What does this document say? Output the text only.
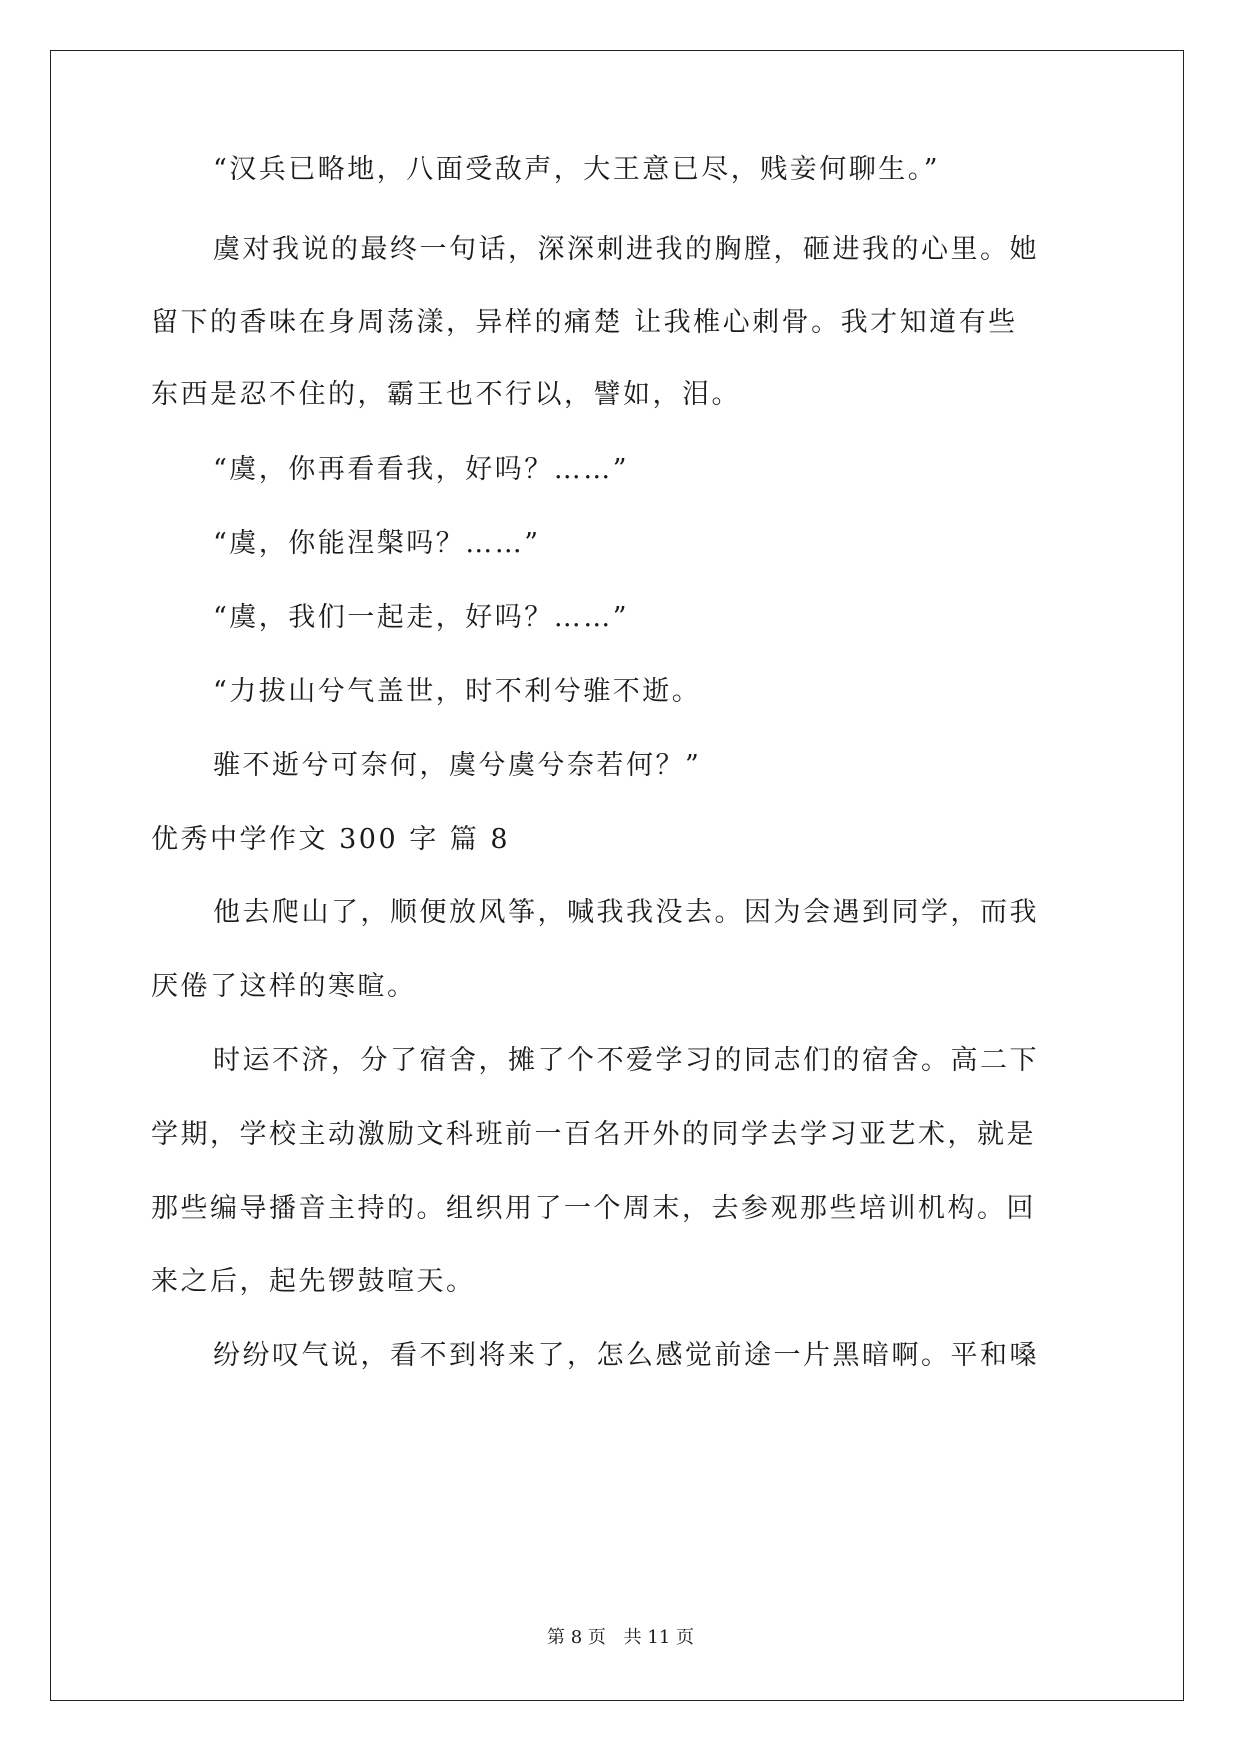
“汉兵已略地，八面受敌声，大王意已尽，贱妾何聊生。”
虞对我说的最终一句话，深深刺进我的胸膛，砸进我的心里。她
留下的香味在身周荡漾，异样的痛楚 让我椎心刺骨。我才知道有些
东西是忍不住的，霸王也不行以，譬如，泪。
“虞，你再看看我，好吗？……”
“虞，你能涅槃吗？……”
“虞，我们一起走，好吗？……”
“力拔山兮气盖世，时不利兮骓不逝。
骓不逝兮可奈何，虞兮虞兮奈若何？”
优秀中学作文 300 字 篇 8
他去爬山了，顺便放风筝，喊我我没去。因为会遇到同学，而我
厌倦了这样的寒暄。
时运不济，分了宿舍，摊了个不爱学习的同志们的宿舍。高二下
学期，学校主动激励文科班前一百名开外的同学去学习亚艺术，就是
那些编导播音主持的。组织用了一个周末，去参观那些培训机构。回
来之后，起先锣鼓喧天。
纷纷叹气说，看不到将来了，怎么感觉前途一片黑暗啊。平和嗓
第 8 页 共 11 页
